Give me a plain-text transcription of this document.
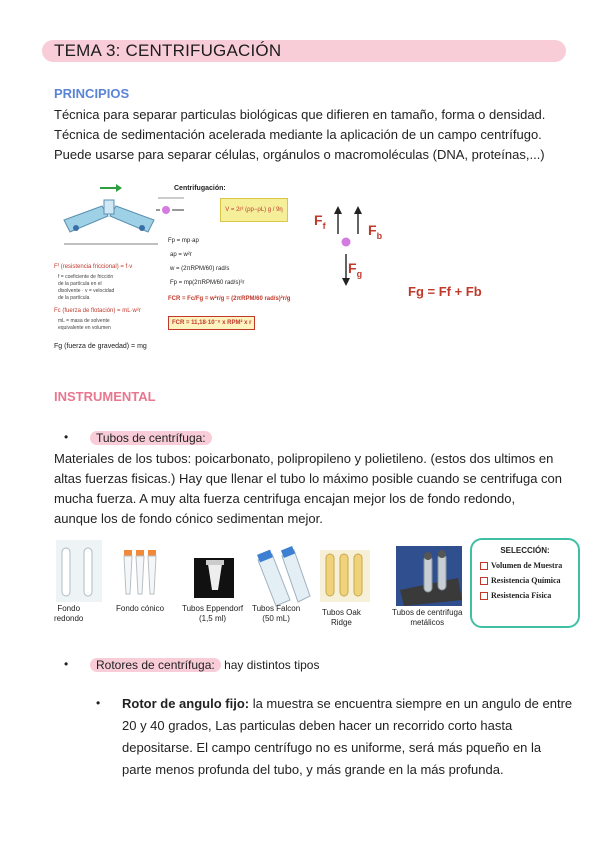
TEMA 3: CENTRIFUGACIÓN
PRINCIPIOS
Técnica para separar particulas biológicas que difieren en tamaño, forma o densidad.
Técnica de sedimentación acelerada mediante la aplicación de un campo centrífugo.
Puede usarse para separar células, orgánulos o macromoléculas (DNA, proteínas,...)
Centrifugación:
V = 2r² (ρp−ρL) g / 9η
Fp = mp·ap
ap = w²r
w = (2πRPM/60) rad/s
Fp = mp(2πRPM/60 rad/s)²r
FCR = Fc/Fg = w²r/g = (2πRPM/60 rad/s)²r/g
FCR = 11,18·10⁻⁶ x RPM² x r
Fᶠ (resistencia friccional) = f·v
f = coeficiente de fricción de la partícula en el disolvente · v = velocidad de la partícula
Fc (fuerza de flotación) = mL·w²r
mL = masa de solvente equivalente en volumen
Fg (fuerza de gravedad) = mg
$F_f$	$F_b$
$F_g$
Fg = Ff + Fb
INSTRUMENTAL
•	Tubos de centrífuga:
Materiales de los tubos: poicarbonato, polipropileno y polietileno. (estos dos ultimos en
altas fuerzas fisicas.) Hay que llenar el tubo lo máximo posible cuando se centrifuga con
mucha fuerza. A muy alta fuerza centrifuga encajan mejor los de fondo redondo,
aunque los de fondo cónico sedimentan mejor.
Fondo
redondo
Fondo cónico Tubos Eppendorf
(1,5 ml)
Tubos Falcon
(50 mL)
Tubos Oak
Ridge
Tubos de centrifuga
metálicos
SELECCIÓN:
Volumen de Muestra
Resistencia Química
Resistencia Física
•	Rotores de centrífuga: hay distintos tipos
• Rotor de angulo fijo: la muestra se encuentra siempre en un angulo de entre
20 y 40 grados, Las particulas deben hacer un recorrido corto hasta
depositarse. El campo centrífugo no es uniforme, será más pqueño en la
parte menos profunda del tubo, y más grande en la más profunda.
